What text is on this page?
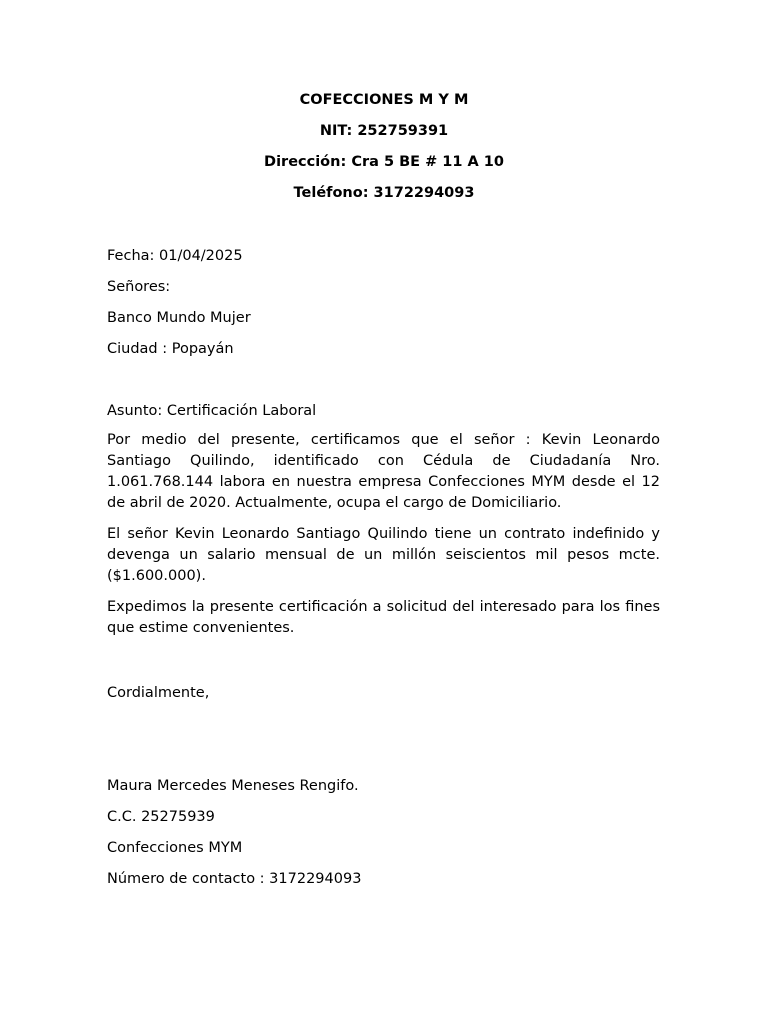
COFECCIONES M Y M
NIT: 252759391
Dirección: Cra 5 BE # 11 A 10
Teléfono: 3172294093
Fecha: 01/04/2025
Señores:
Banco Mundo Mujer
Ciudad : Popayán
Asunto: Certificación Laboral

Por medio del presente, certificamos que el señor : Kevin Leonardo Santiago Quilindo, identificado con Cédula de Ciudadanía Nro. 1.061.768.144 labora en nuestra empresa Confecciones MYM desde el 12 de abril de 2020. Actualmente, ocupa el cargo de Domiciliario.

El señor Kevin Leonardo Santiago Quilindo tiene un contrato indefinido y devenga un salario mensual de un millón seiscientos mil pesos mcte. ($1.600.000).

Expedimos la presente certificación a solicitud del interesado para los fines que estime convenientes.

Cordialmente,
Maura Mercedes Meneses Rengifo.
C.C. 25275939
Confecciones MYM
Número de contacto : 3172294093
